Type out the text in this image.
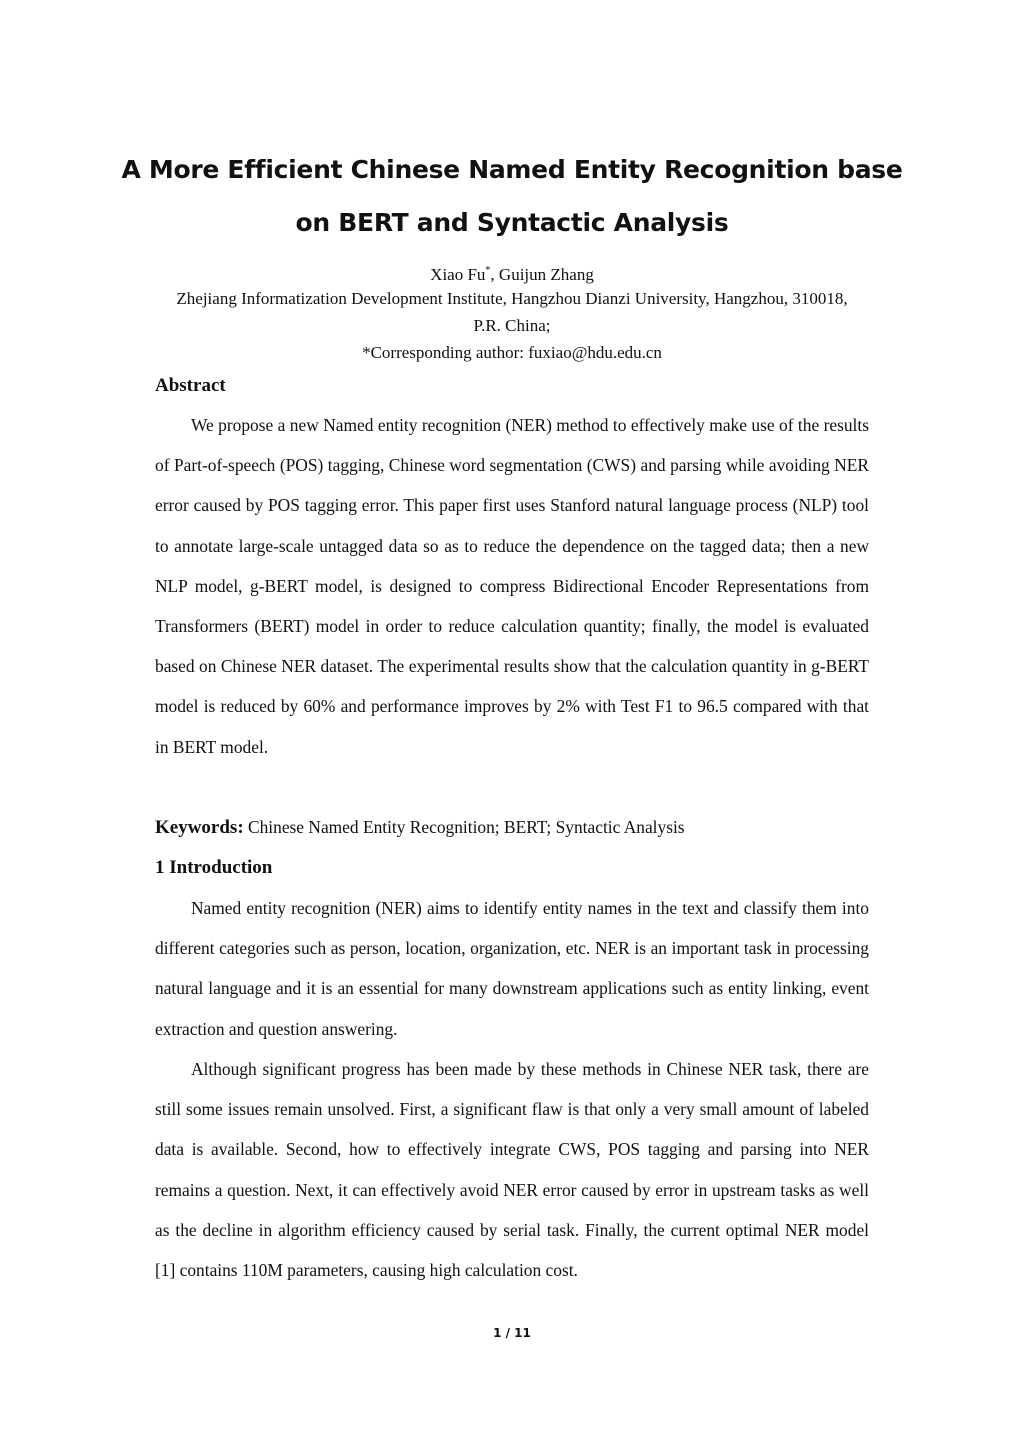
A More Efficient Chinese Named Entity Recognition base
on BERT and Syntactic Analysis
Xiao Fu*, Guijun Zhang
Zhejiang Informatization Development Institute, Hangzhou Dianzi University, Hangzhou, 310018,
P.R. China;
*Corresponding author: fuxiao@hdu.edu.cn
Abstract

We propose a new Named entity recognition (NER) method to effectively make use of the results of Part-of-speech (POS) tagging, Chinese word segmentation (CWS) and parsing while avoiding NER error caused by POS tagging error. This paper first uses Stanford natural language process (NLP) tool to annotate large-scale untagged data so as to reduce the dependence on the tagged data; then a new NLP model, g-BERT model, is designed to compress Bidirectional Encoder Representations from Transformers (BERT) model in order to reduce calculation quantity; finally, the model is evaluated based on Chinese NER dataset. The experimental results show that the calculation quantity in g-BERT model is reduced by 60% and performance improves by 2% with Test F1 to 96.5 compared with that in BERT model.

Keywords: Chinese Named Entity Recognition; BERT; Syntactic Analysis
1 Introduction

Named entity recognition (NER) aims to identify entity names in the text and classify them into different categories such as person, location, organization, etc. NER is an important task in processing natural language and it is an essential for many downstream applications such as entity linking, event extraction and question answering.

Although significant progress has been made by these methods in Chinese NER task, there are still some issues remain unsolved. First, a significant flaw is that only a very small amount of labeled data is available. Second, how to effectively integrate CWS, POS tagging and parsing into NER remains a question. Next, it can effectively avoid NER error caused by error in upstream tasks as well as the decline in algorithm efficiency caused by serial task. Finally, the current optimal NER model [1] contains 110M parameters, causing high calculation cost.

1 / 11
